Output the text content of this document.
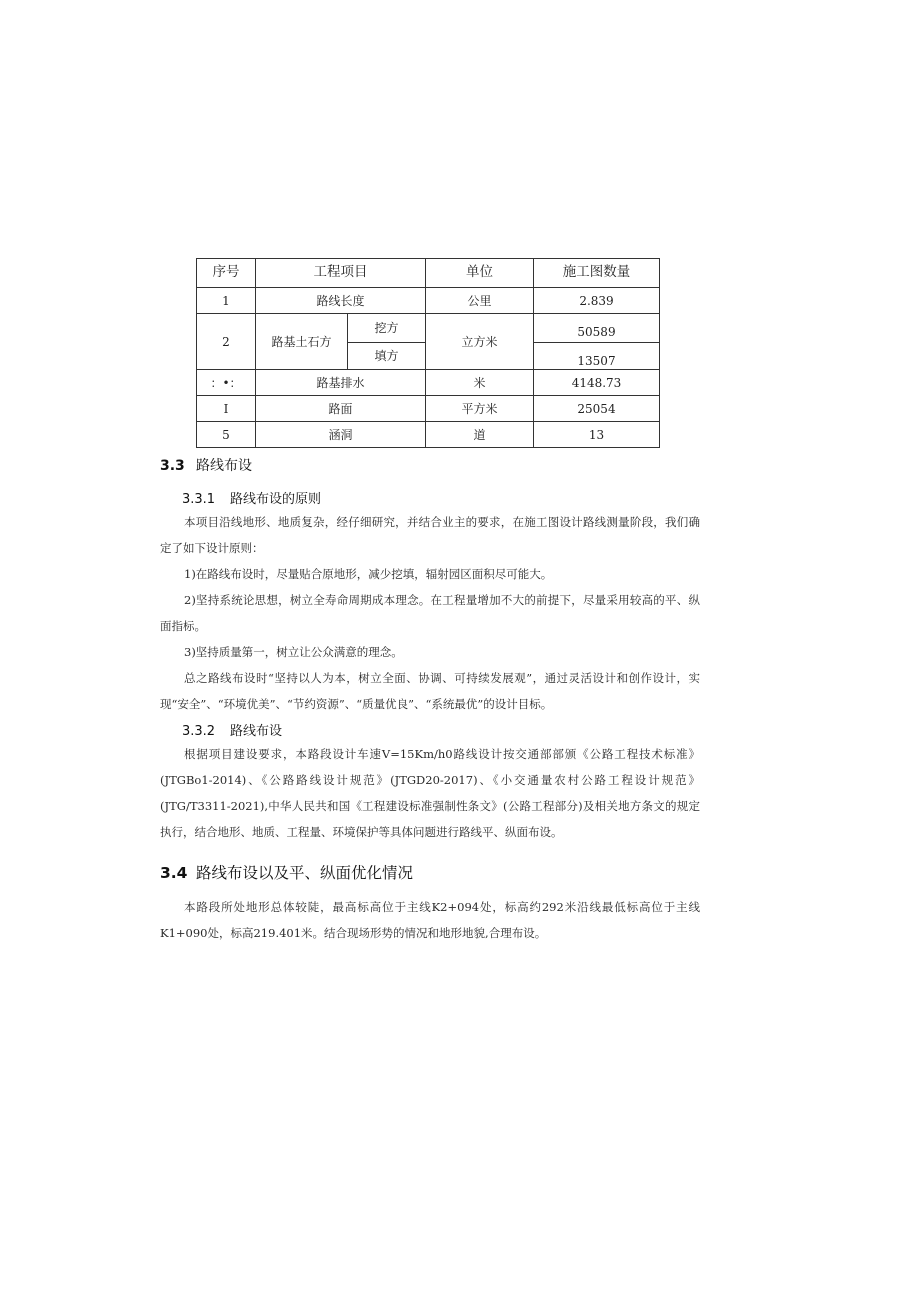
序号	工程项目		单位	施工图数量
1	路线长度		公里	2.839
2	路基土石方	挖方	立方米	50589
		填方		13507
：•：	路基排水		米	4148.73
I	路面		平方米	25054
5	涵洞		道	13
3.3 路线布设
3.3.1 路线布设的原则
本项目沿线地形、地质复杂，经仔细研究，并结合业主的要求，在施工图设计路线测量阶段，我们确定了如下设计原则：
1)在路线布设时，尽量贴合原地形，减少挖填，辐射园区面积尽可能大。
2)坚持系统论思想，树立全寿命周期成本理念。在工程量增加不大的前提下，尽量采用较高的平、纵面指标。
3)坚持质量第一，树立让公众满意的理念。
总之路线布设时“坚持以人为本，树立全面、协调、可持续发展观”，通过灵活设计和创作设计，实现“安全”、“环境优美”、“节约资源”、“质量优良”、“系统最优”的设计目标。
3.3.2 路线布设
根据项目建设要求，本路段设计车速V=15Km/h0路线设计按交通部部颁《公路工程技术标准》(JTGBo1-2014)、《公路路线设计规范》(JTGD20-2017)、《小交通量农村公路工程设计规范》(JTG/T3311-2021),中华人民共和国《工程建设标准强制性条文》(公路工程部分)及相关地方条文的规定执行，结合地形、地质、工程量、环境保护等具体问题进行路线平、纵面布设。
3.4 路线布设以及平、纵面优化情况
本路段所处地形总体较陡，最高标高位于主线K2+094处，标高约292米沿线最低标高位于主线K1+090处，标高219.401米。结合现场形势的情况和地形地貌,合理布设。
